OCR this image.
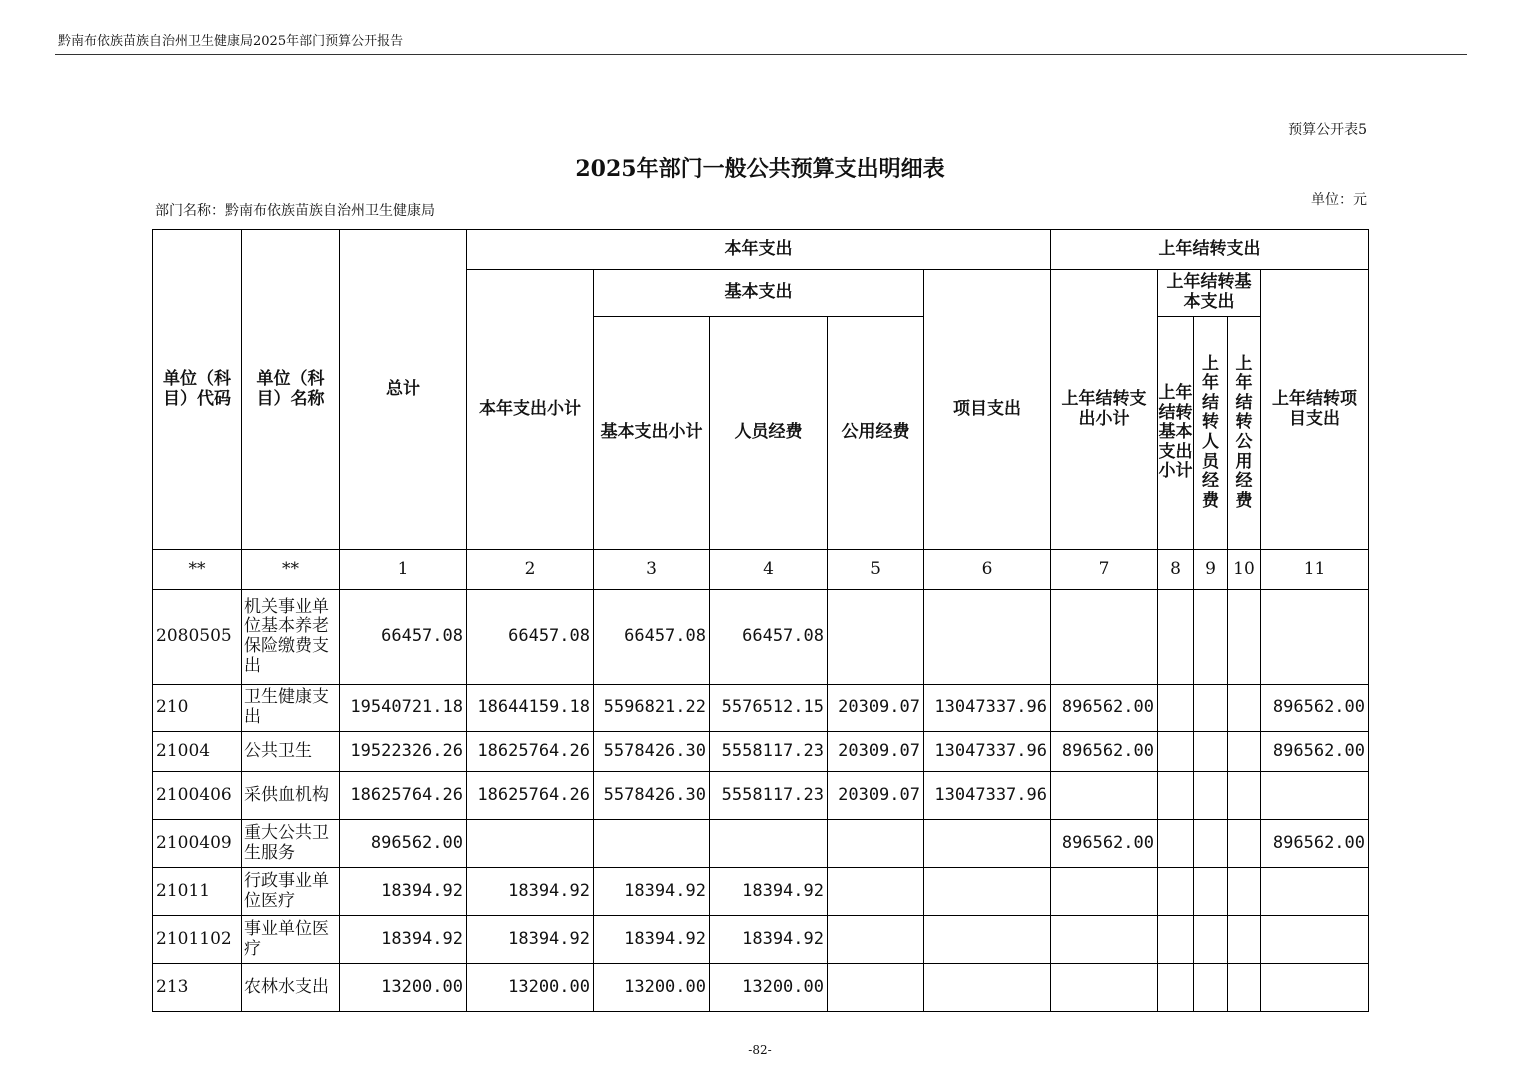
黔南布依族苗族自治州卫生健康局2025年部门预算公开报告
预算公开表5
2025年部门一般公共预算支出明细表
部门名称：黔南布依族苗族自治州卫生健康局
单位：元
单位（科目）代码	单位（科目）名称	总计	本年支出					上年结转支出				
			本年支出小计	基本支出			项目支出	上年结转支出小计	上年结转基本支出			上年结转项目支出
				基本支出小计	人员经费	公用经费			上年结转基本支出小计	上年结转人员经费	上年结转公用经费	
**	**	1	2	3	4	5	6	7	8	9	10	11
2080505	机关事业单位基本养老保险缴费支出	66457.08	66457.08	66457.08	66457.08							
210	卫生健康支出	19540721.18	18644159.18	5596821.22	5576512.15	20309.07	13047337.96	896562.00				896562.00
21004	公共卫生	19522326.26	18625764.26	5578426.30	5558117.23	20309.07	13047337.96	896562.00				896562.00
2100406	采供血机构	18625764.26	18625764.26	5578426.30	5558117.23	20309.07	13047337.96					
2100409	重大公共卫生服务	896562.00						896562.00				896562.00
21011	行政事业单位医疗	18394.92	18394.92	18394.92	18394.92							
2101102	事业单位医疗	18394.92	18394.92	18394.92	18394.92							
213	农林水支出	13200.00	13200.00	13200.00	13200.00							
-82-
